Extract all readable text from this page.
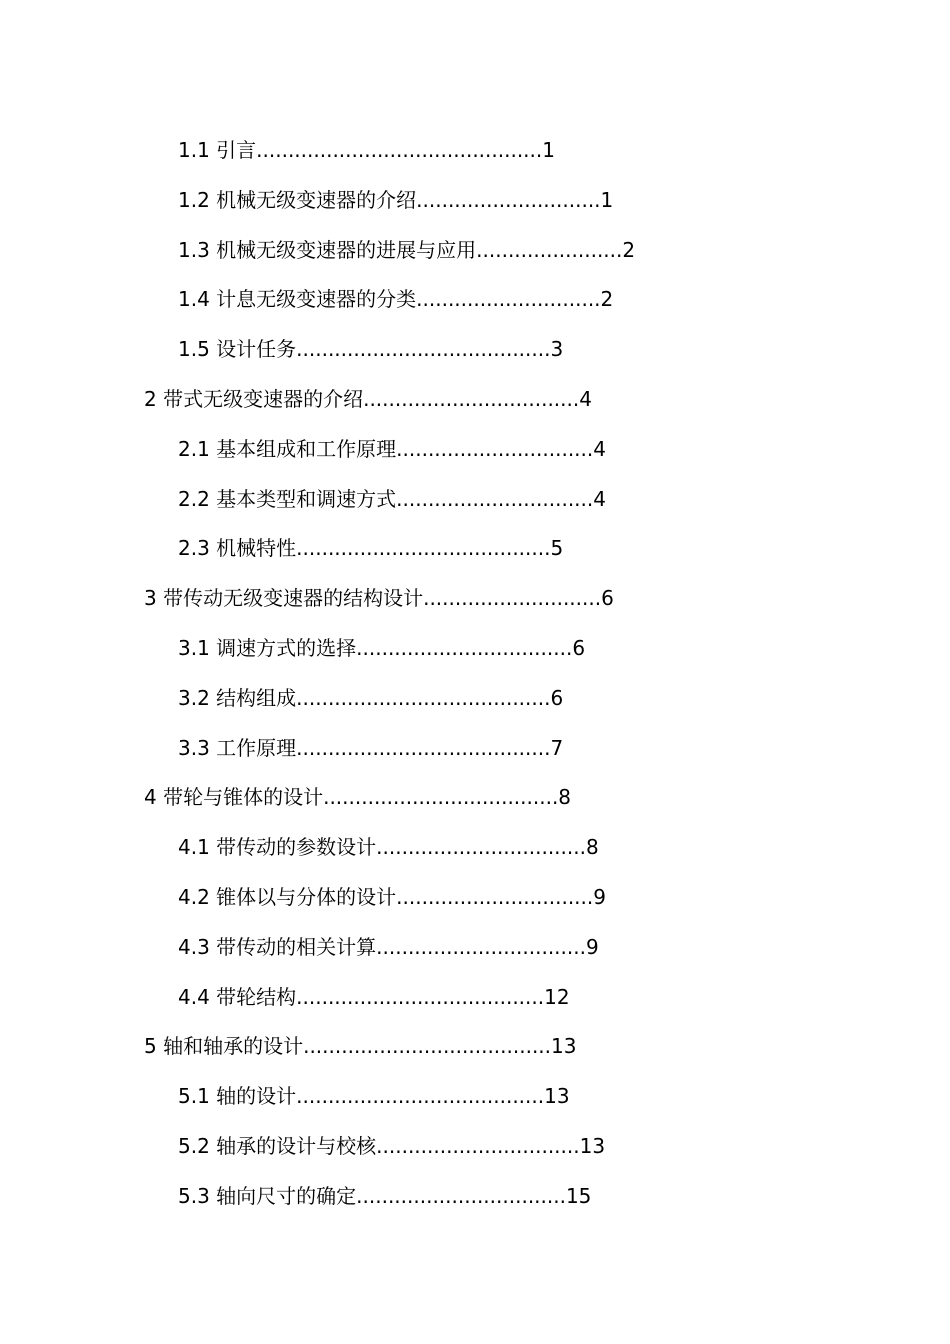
1.1 引言.............................................1
1.2 机械无级变速器的介绍.............................1
1.3 机械无级变速器的进展与应用.......................2
1.4 计息无级变速器的分类.............................2
1.5 设计任务........................................3
2 带式无级变速器的介绍..................................4
2.1 基本组成和工作原理...............................4
2.2 基本类型和调速方式...............................4
2.3 机械特性........................................5
3 带传动无级变速器的结构设计............................6
3.1 调速方式的选择..................................6
3.2 结构组成........................................6
3.3 工作原理........................................7
4 带轮与锥体的设计.....................................8
4.1 带传动的参数设计.................................8
4.2 锥体以与分体的设计...............................9
4.3 带传动的相关计算.................................9
4.4 带轮结构.......................................12
5 轴和轴承的设计.......................................13
5.1 轴的设计.......................................13
5.2 轴承的设计与校核................................13
5.3 轴向尺寸的确定.................................15
